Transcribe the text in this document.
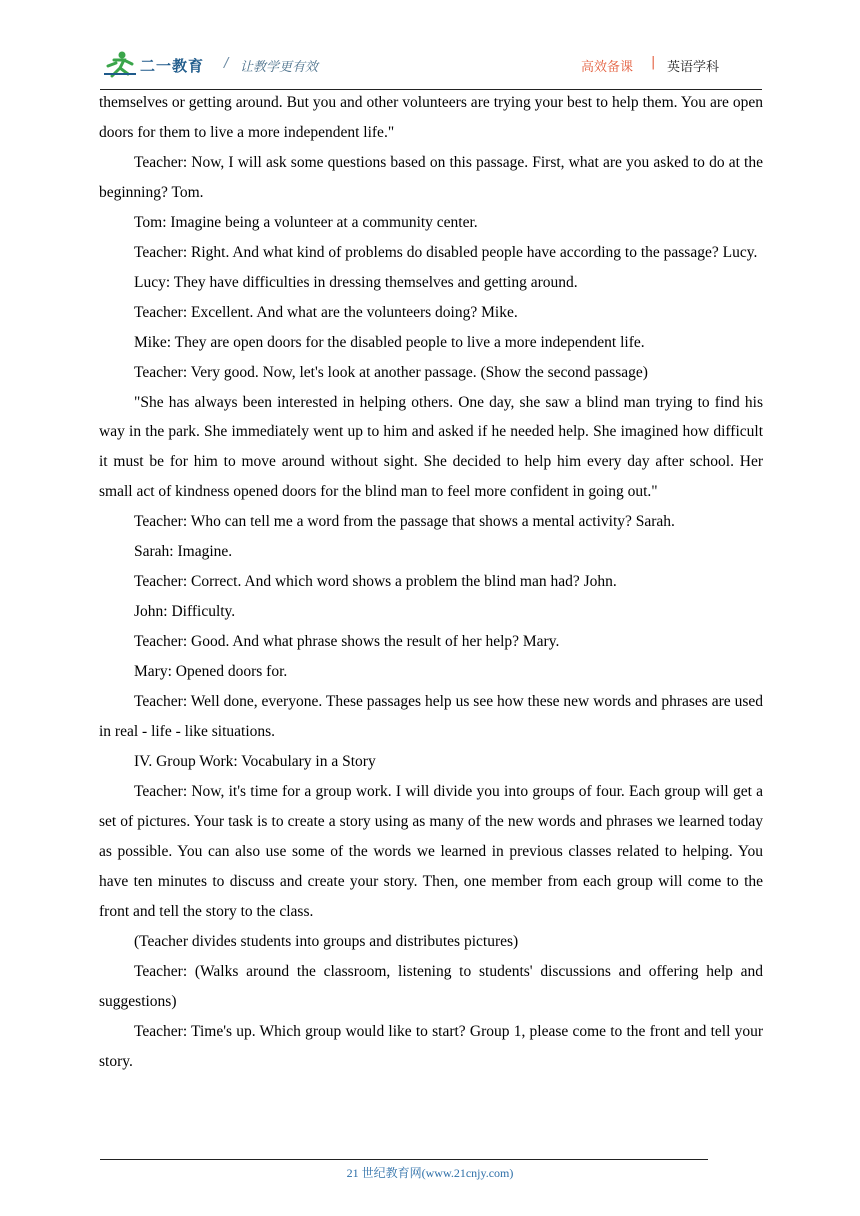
二一教育 / 让教学更有效	高效备课 | 英语学科

themselves or getting around. But you and other volunteers are trying your best to help them. You are open doors for them to live a more independent life."

Teacher: Now, I will ask some questions based on this passage. First, what are you asked to do at the beginning? Tom.

Tom: Imagine being a volunteer at a community center.

Teacher: Right. And what kind of problems do disabled people have according to the passage? Lucy.

Lucy: They have difficulties in dressing themselves and getting around.

Teacher: Excellent. And what are the volunteers doing? Mike.

Mike: They are open doors for the disabled people to live a more independent life.

Teacher: Very good. Now, let's look at another passage. (Show the second passage)

"She has always been interested in helping others. One day, she saw a blind man trying to find his way in the park. She immediately went up to him and asked if he needed help. She imagined how difficult it must be for him to move around without sight. She decided to help him every day after school. Her small act of kindness opened doors for the blind man to feel more confident in going out."

Teacher: Who can tell me a word from the passage that shows a mental activity? Sarah.

Sarah: Imagine.

Teacher: Correct. And which word shows a problem the blind man had? John.

John: Difficulty.

Teacher: Good. And what phrase shows the result of her help? Mary.

Mary: Opened doors for.

Teacher: Well done, everyone. These passages help us see how these new words and phrases are used in real - life - like situations.

IV. Group Work: Vocabulary in a Story

Teacher: Now, it's time for a group work. I will divide you into groups of four. Each group will get a set of pictures. Your task is to create a story using as many of the new words and phrases we learned today as possible. You can also use some of the words we learned in previous classes related to helping. You have ten minutes to discuss and create your story. Then, one member from each group will come to the front and tell the story to the class.

(Teacher divides students into groups and distributes pictures)

Teacher: (Walks around the classroom, listening to students' discussions and offering help and suggestions)

Teacher: Time's up. Which group would like to start? Group 1, please come to the front and tell your story.

21 世纪教育网(www.21cnjy.com)
